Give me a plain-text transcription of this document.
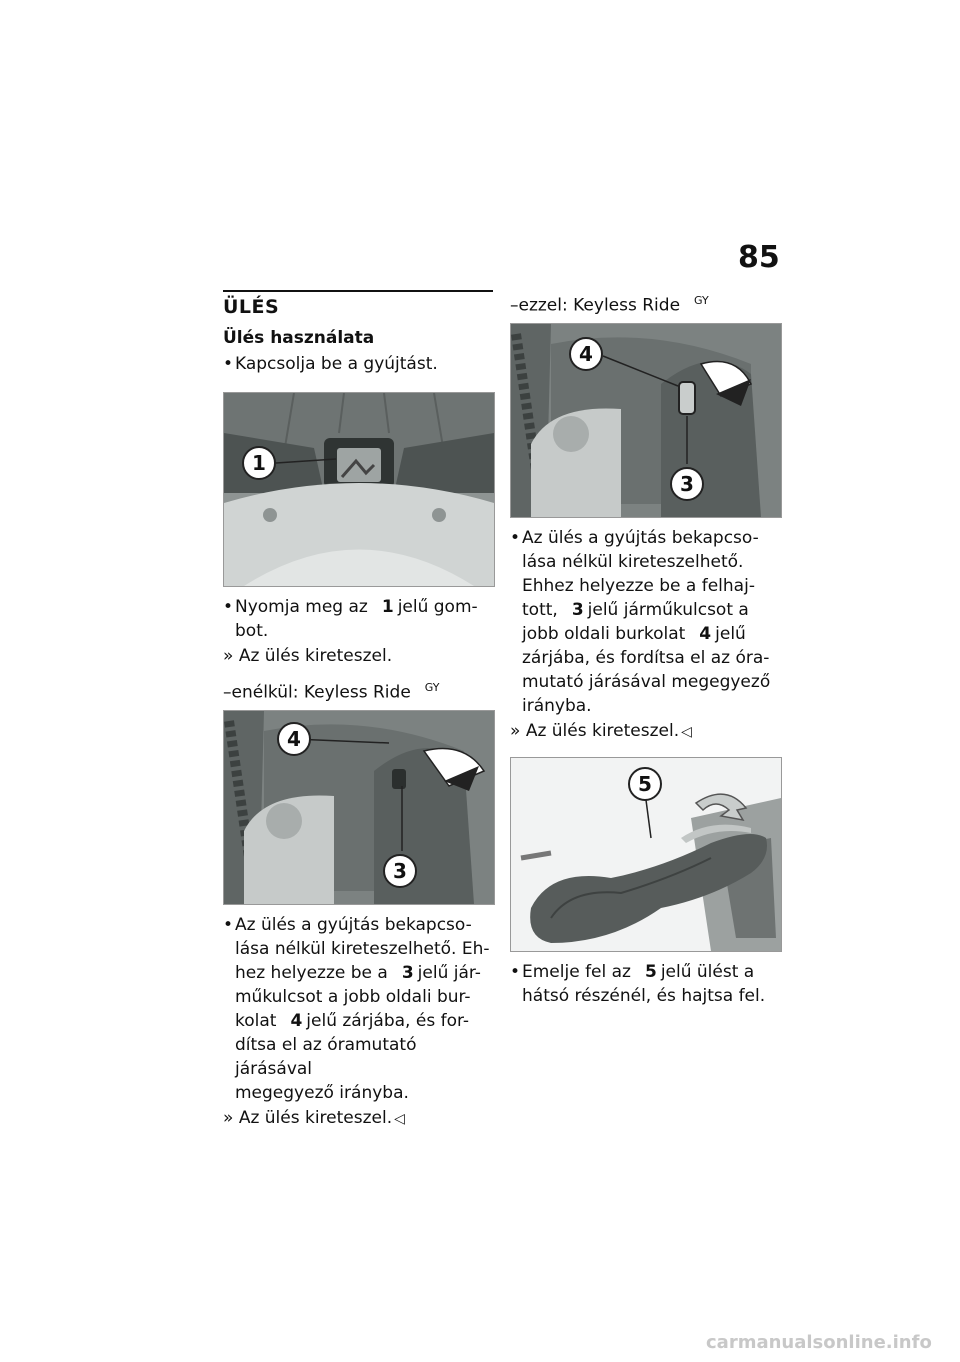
85
ÜLÉS
Ülés használata
• Kapcsolja be a gyújtást.
1
• Nyomja meg az 1 jelű gom-
bot.
» Az ülés kireteszel.
–enélkül: Keyless Ride $^{GY}$
4
3
• Az ülés a gyújtás bekapcso-
lása nélkül kireteszelhető. Eh-
hez helyezze be a 3 jelű jár-
műkulcsot a jobb oldali bur-
kolat 4 jelű zárjába, és for-
dítsa el az óramutató járásával
megegyező irányba.
» Az ülés kireteszel. ◁
–ezzel: Keyless Ride $^{GY}$
4
3
• Az ülés a gyújtás bekapcso-
lása nélkül kireteszelhető.
Ehhez helyezze be a felhaj-
tott, 3 jelű járműkulcsot a
jobb oldali burkolat 4 jelű
zárjába, és fordítsa el az óra-
mutató járásával megegyező
irányba.
» Az ülés kireteszel. ◁
5
• Emelje fel az 5 jelű ülést a
hátsó részénél, és hajtsa fel.
carmanualsonline.info
